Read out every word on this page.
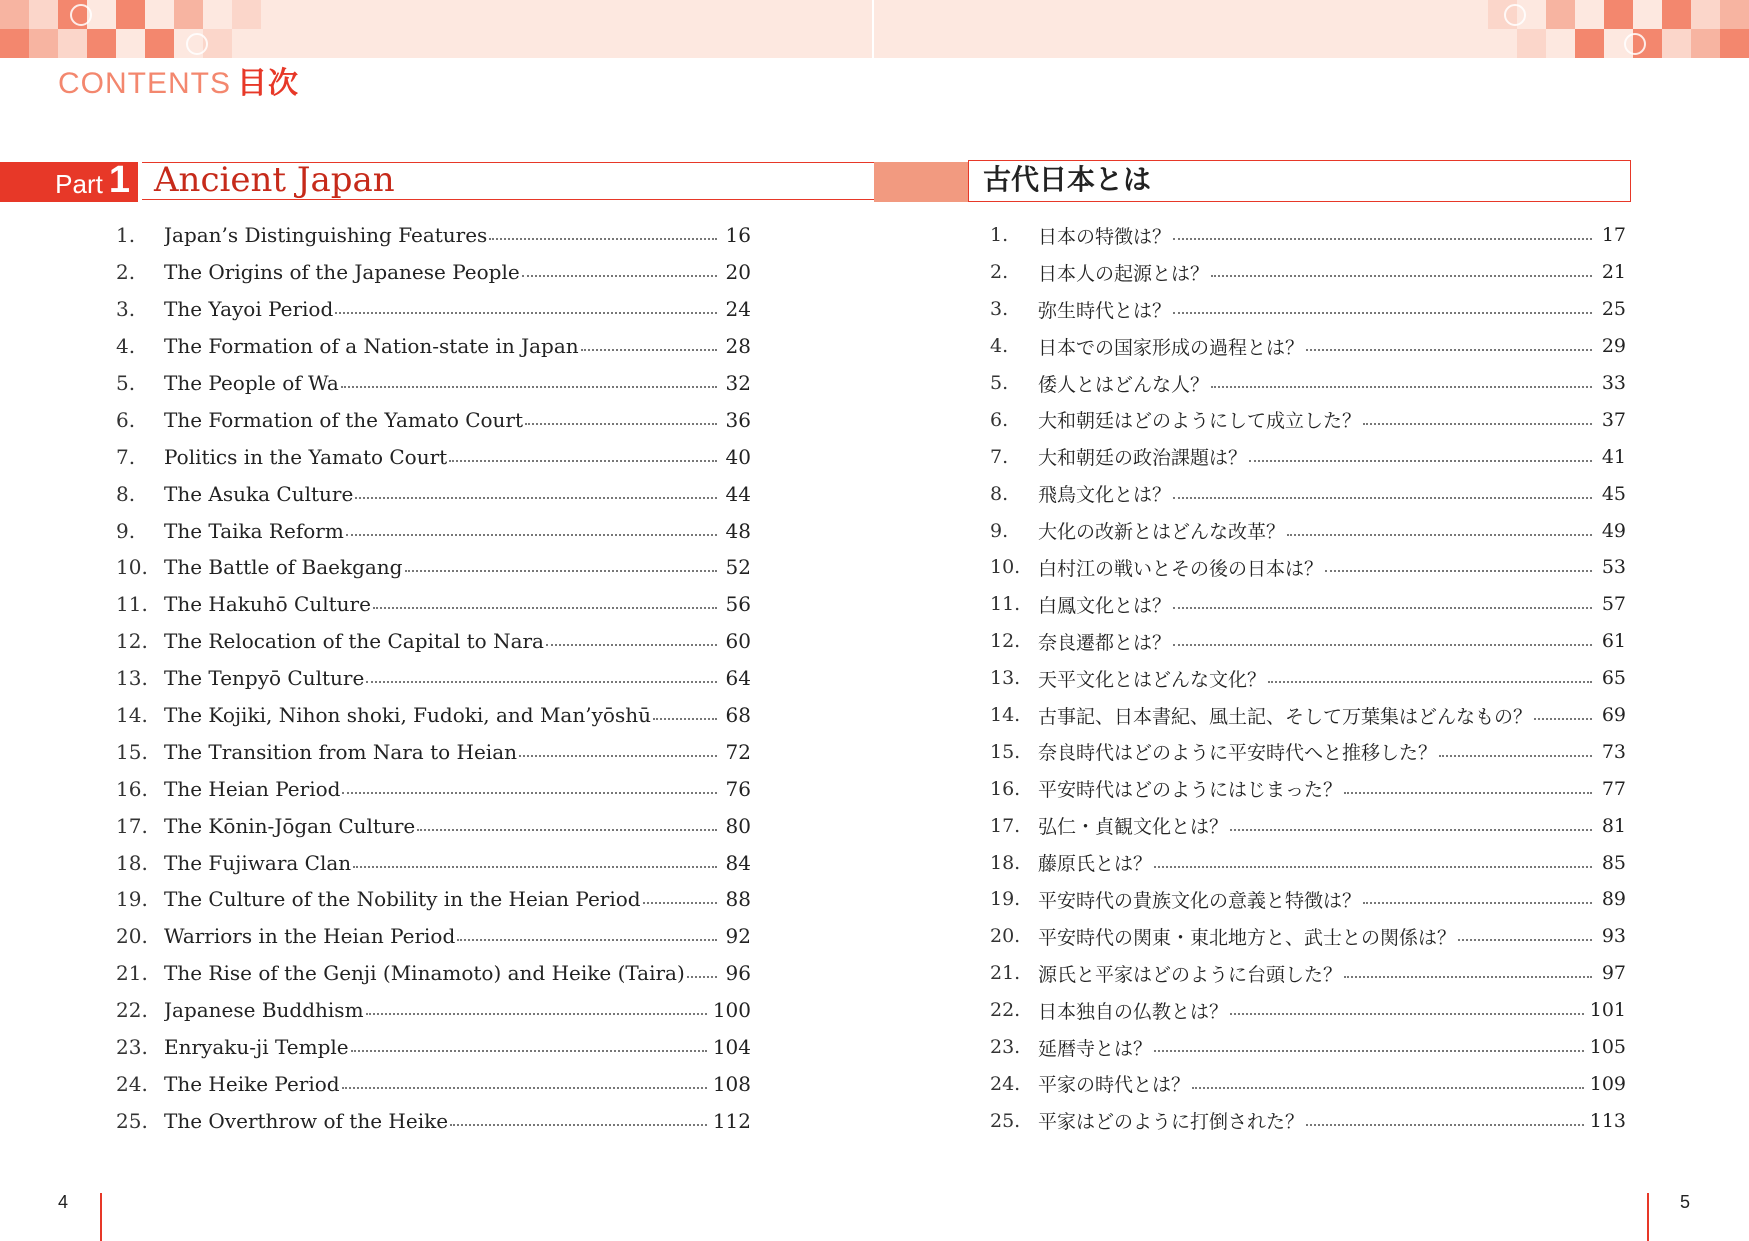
CONTENTS 目次
Part 1 Ancient Japan	古代日本とは
1.	Japan’s Distinguishing Features	16
2.	The Origins of the Japanese People	20
3.	The Yayoi Period	24
4.	The Formation of a Nation-state in Japan	28
5.	The People of Wa	32
6.	The Formation of the Yamato Court	36
7.	Politics in the Yamato Court	40
8.	The Asuka Culture	44
9.	The Taika Reform	48
10. The Battle of Baekgang	52
11. The Hakuhō Culture	56
12. The Relocation of the Capital to Nara	60
13. The Tenpyō Culture	64
14. The Kojiki, Nihon shoki, Fudoki, and Man’yōshū	68
15. The Transition from Nara to Heian	72
16. The Heian Period	76
17. The Kōnin-Jōgan Culture	80
18. The Fujiwara Clan	84
19. The Culture of the Nobility in the Heian Period	88
20. Warriors in the Heian Period	92
21. The Rise of the Genji (Minamoto) and Heike (Taira) 96
22. Japanese Buddhism	100
23. Enryaku-ji Temple	104
24. The Heike Period	108
25. The Overthrow of the Heike	112
1.	日本の特徴は？	17
2.	日本人の起源とは？	21
3.	弥生時代とは？	25
4.	日本での国家形成の過程とは？	29
5.	倭人とはどんな人？	33
6.	大和朝廷はどのようにして成立した？	37
7.	大和朝廷の政治課題は？	41
8.	飛鳥文化とは？	45
9.	大化の改新とはどんな改革？	49
10. 白村江の戦いとその後の日本は？	53
11. 白鳳文化とは？	57
12. 奈良遷都とは？	61
13. 天平文化とはどんな文化？	65
14. 古事記、日本書紀、風土記、そして万葉集はどんなもの？	69
15. 奈良時代はどのように平安時代へと推移した？	73
16. 平安時代はどのようにはじまった？	77
17. 弘仁・貞観文化とは？	81
18. 藤原氏とは？	85
19. 平安時代の貴族文化の意義と特徴は？	89
20. 平安時代の関東・東北地方と、武士との関係は？	93
21. 源氏と平家はどのように台頭した？	97
22. 日本独自の仏教とは？	101
23. 延暦寺とは？	105
24. 平家の時代とは？	109
25. 平家はどのように打倒された？	113
4	5
